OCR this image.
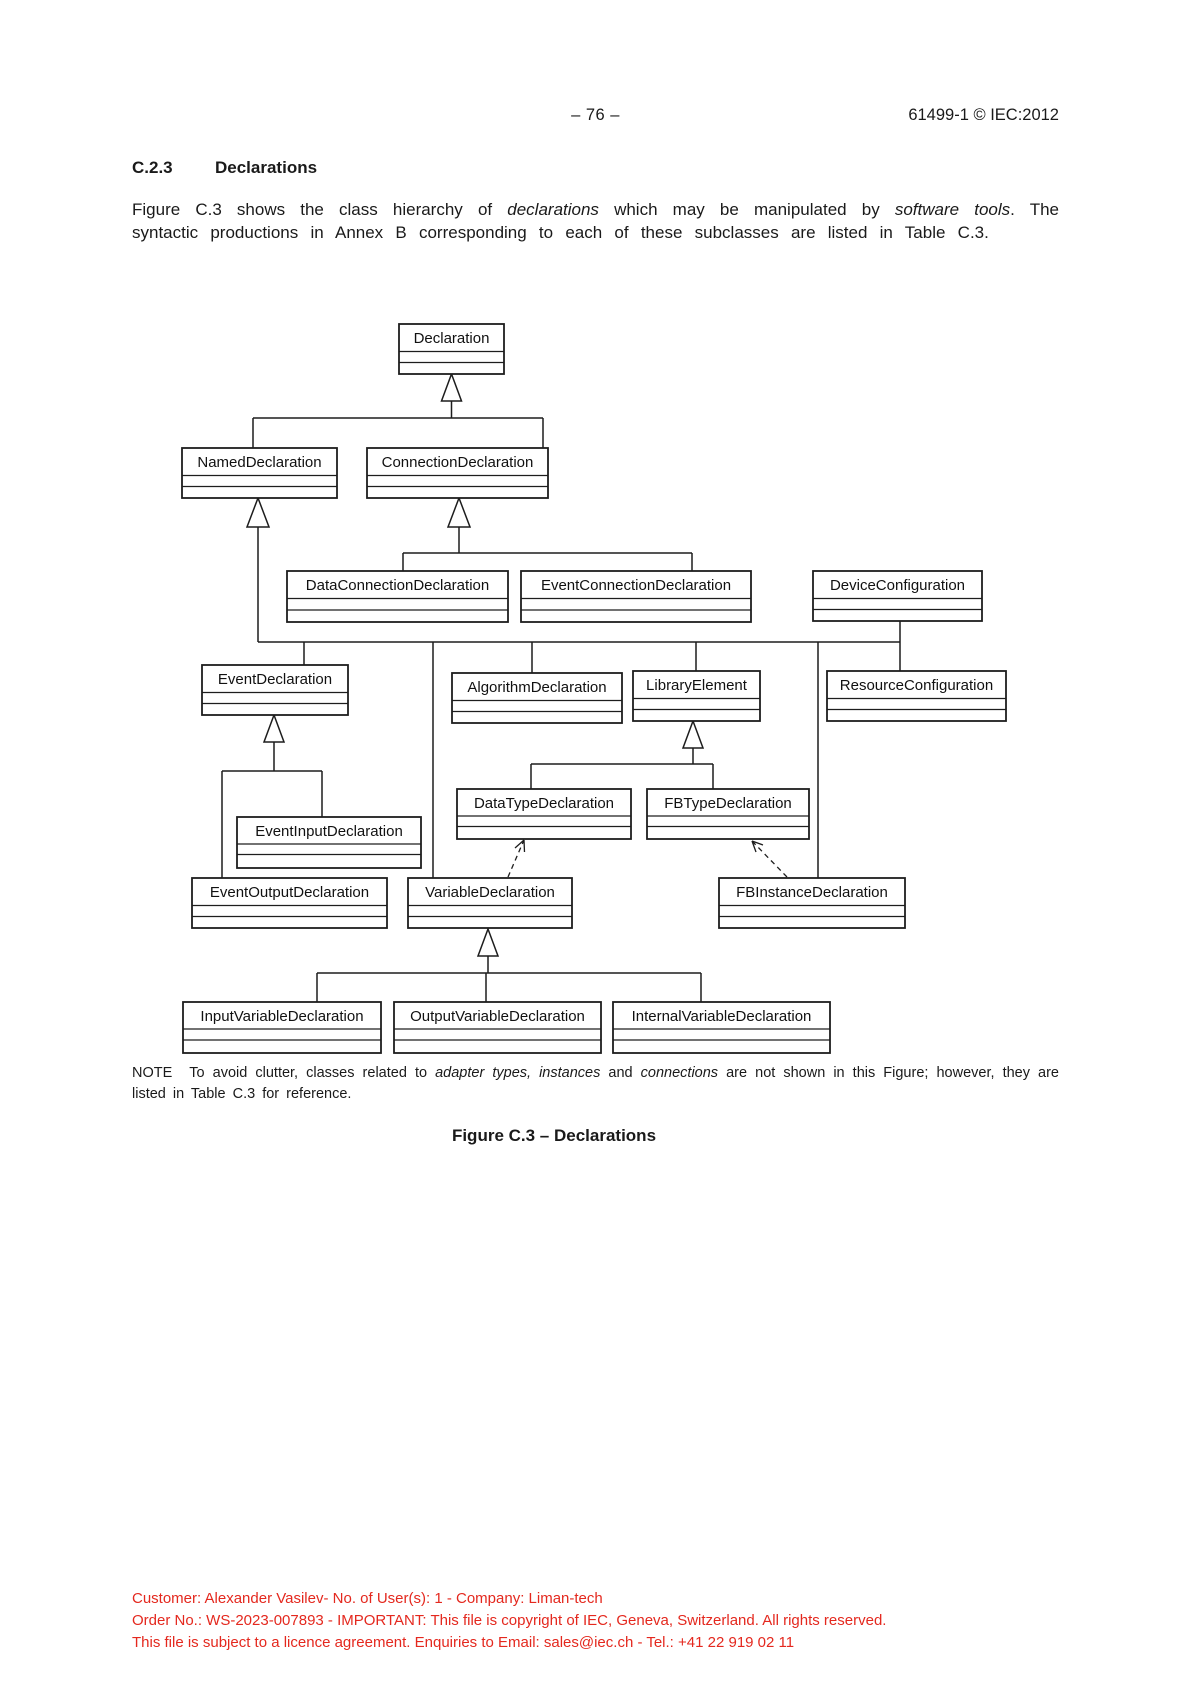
– 76 –	61499-1 © IEC:2012
C.2.3 Declarations
Figure C.3 shows the class hierarchy of declarations which may be manipulated by software tools. The syntactic productions in Annex B corresponding to each of these subclasses are listed in Table C.3.
Declaration
NamedDeclaration	ConnectionDeclaration
DataConnectionDeclaration	EventConnectionDeclaration	DeviceConfiguration
EventDeclaration	AlgorithmDeclaration	LibraryElement	ResourceConfiguration
DataTypeDeclaration	FBTypeDeclaration
EventInputDeclaration
EventOutputDeclaration	VariableDeclaration	FBInstanceDeclaration
InputVariableDeclaration	OutputVariableDeclaration	InternalVariableDeclaration
NOTE To avoid clutter, classes related to adapter types, instances and connections are not shown in this Figure; however, they are listed in Table C.3 for reference.
Figure C.3 – Declarations
Customer: Alexander Vasilev- No. of User(s): 1 - Company: Liman-tech
Order No.: WS-2023-007893 - IMPORTANT: This file is copyright of IEC, Geneva, Switzerland. All rights reserved.
This file is subject to a licence agreement. Enquiries to Email: sales@iec.ch - Tel.: +41 22 919 02 11
